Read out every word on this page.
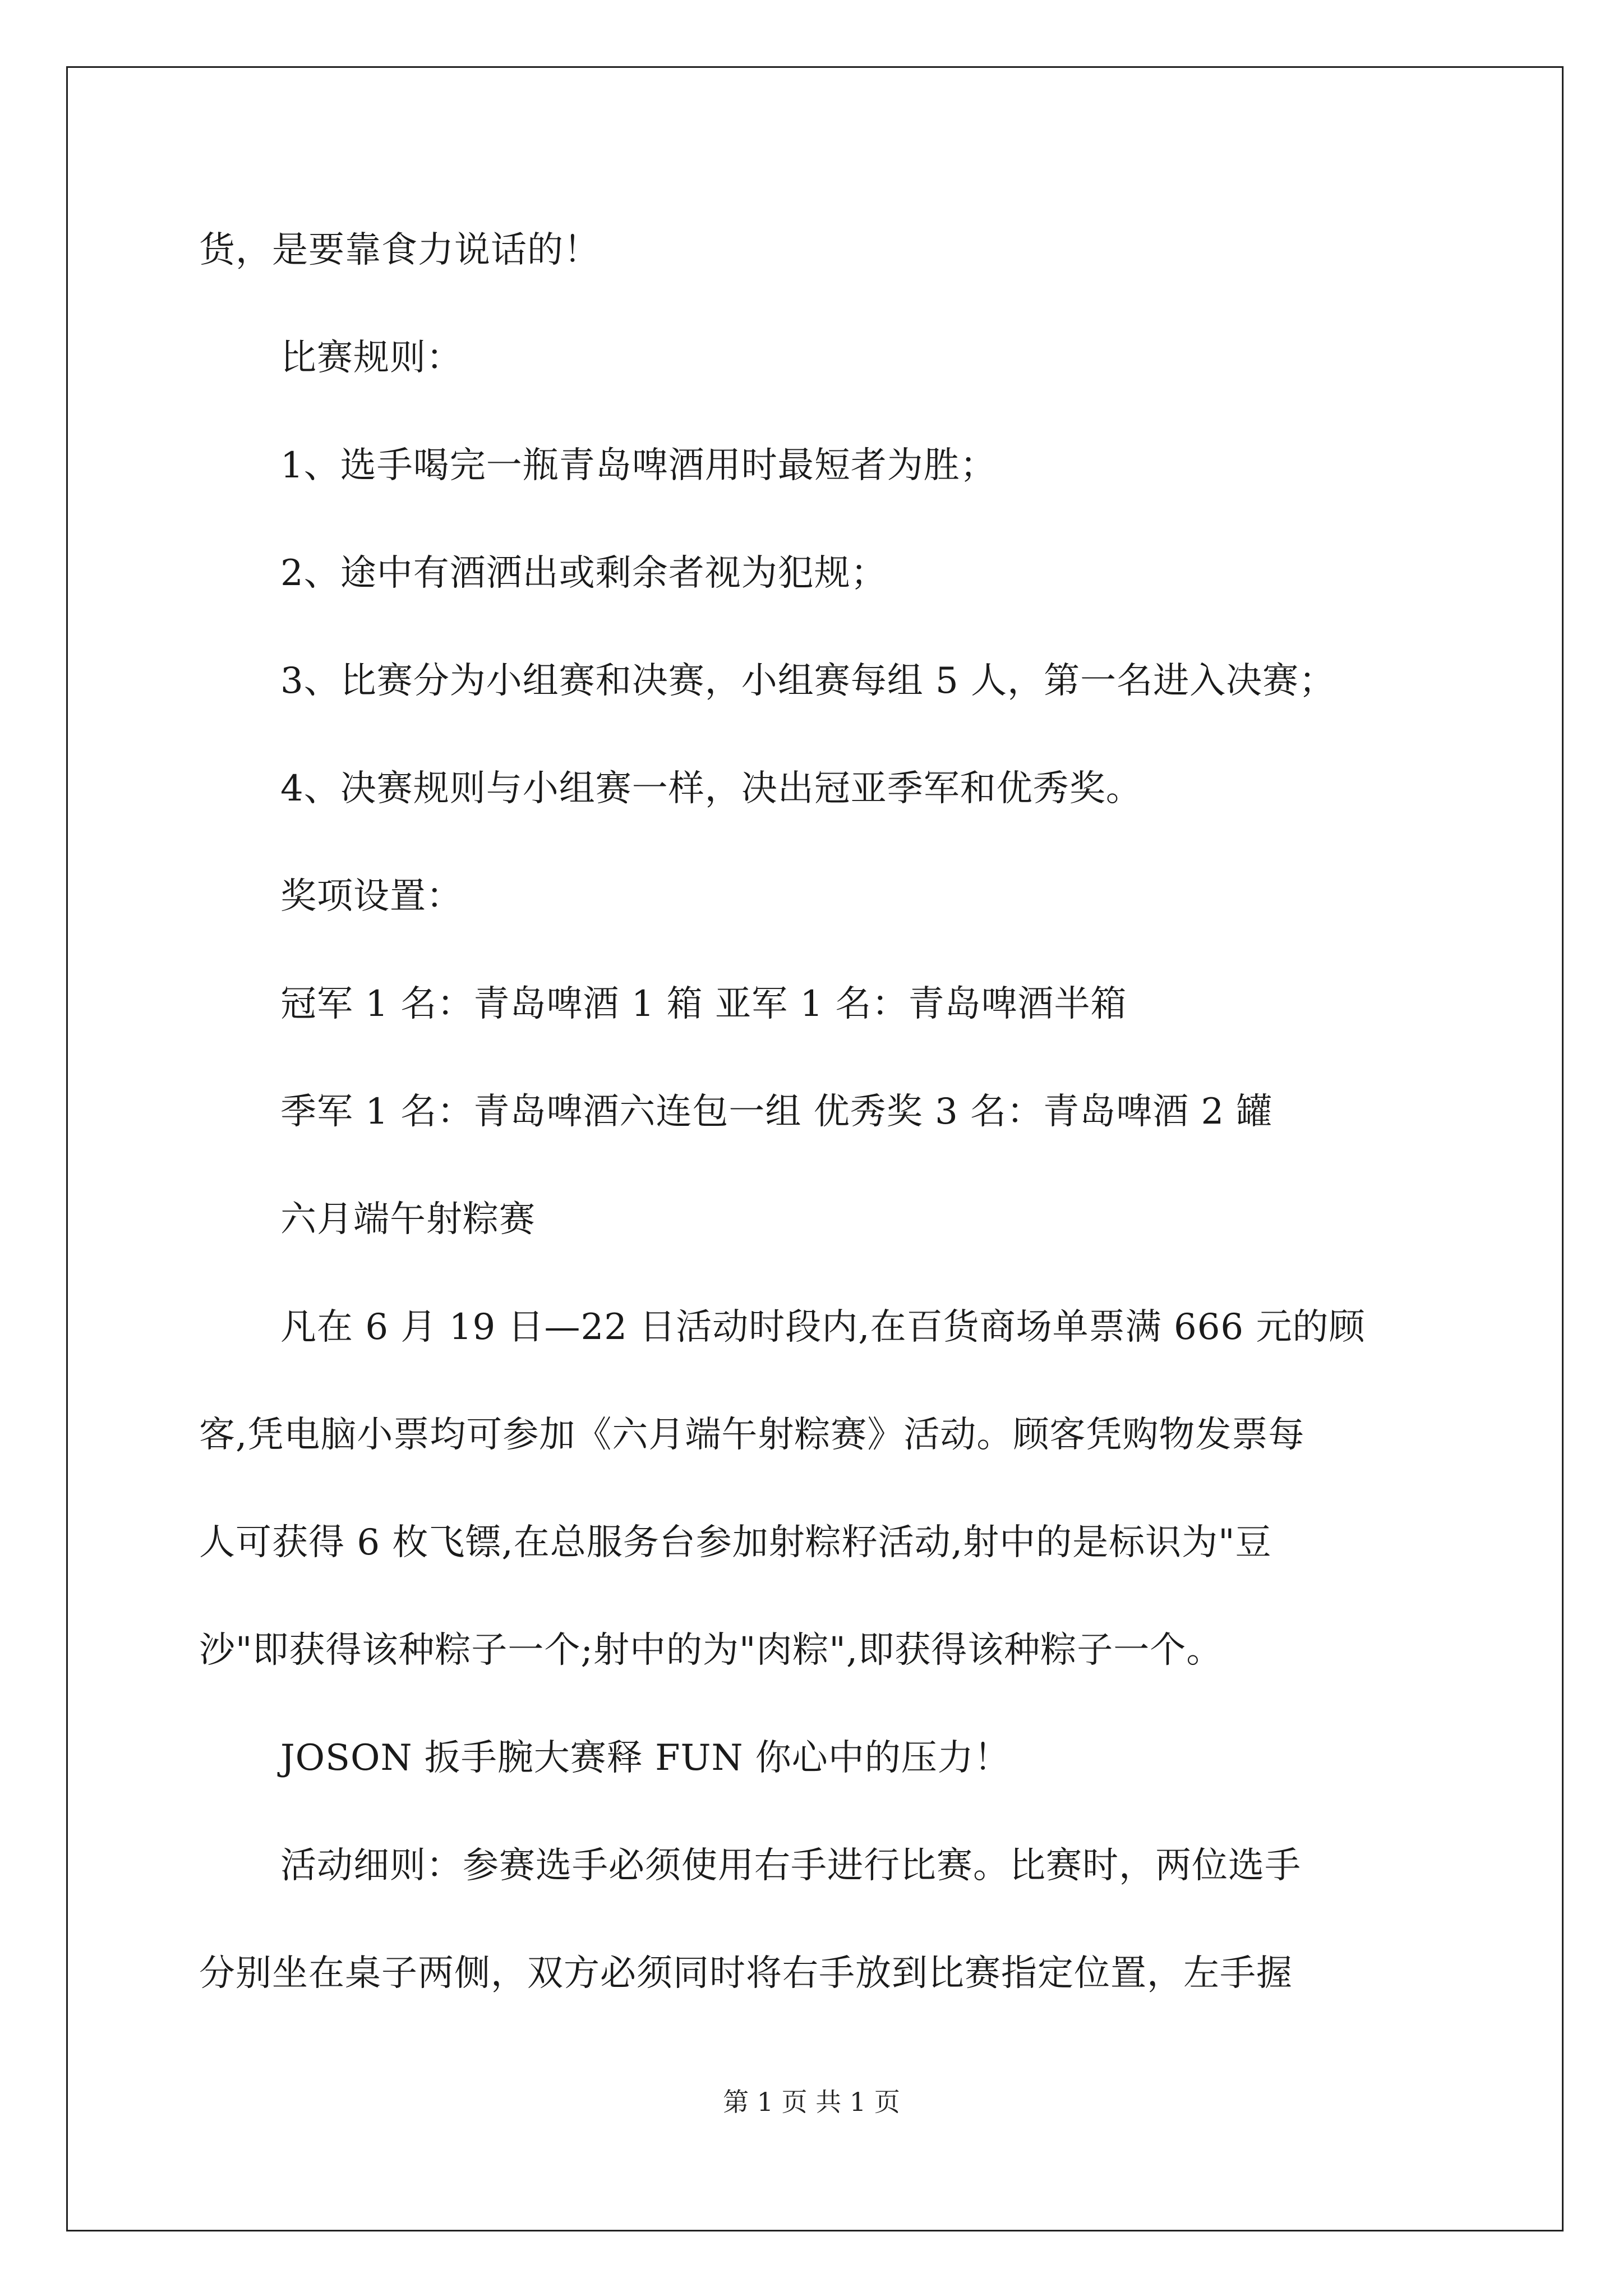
货，是要靠食力说话的！
比赛规则：
1、选手喝完一瓶青岛啤酒用时最短者为胜；
2、途中有酒洒出或剩余者视为犯规；
3、比赛分为小组赛和决赛，小组赛每组 5 人，第一名进入决赛；
4、决赛规则与小组赛一样，决出冠亚季军和优秀奖。
奖项设置：
冠军 1 名：青岛啤酒 1 箱 亚军 1 名：青岛啤酒半箱
季军 1 名：青岛啤酒六连包一组 优秀奖 3 名：青岛啤酒 2 罐
六月端午射粽赛
凡在 6 月 19 日—22 日活动时段内,在百货商场单票满 666 元的顾
客,凭电脑小票均可参加《六月端午射粽赛》活动。顾客凭购物发票每
人可获得 6 枚飞镖,在总服务台参加射粽籽活动,射中的是标识为"豆
沙"即获得该种粽子一个;射中的为"肉粽",即获得该种粽子一个。
JOSON 扳手腕大赛释 FUN 你心中的压力！
活动细则：参赛选手必须使用右手进行比赛。比赛时，两位选手
分别坐在桌子两侧，双方必须同时将右手放到比赛指定位置，左手握
第 1 页 共 1 页
